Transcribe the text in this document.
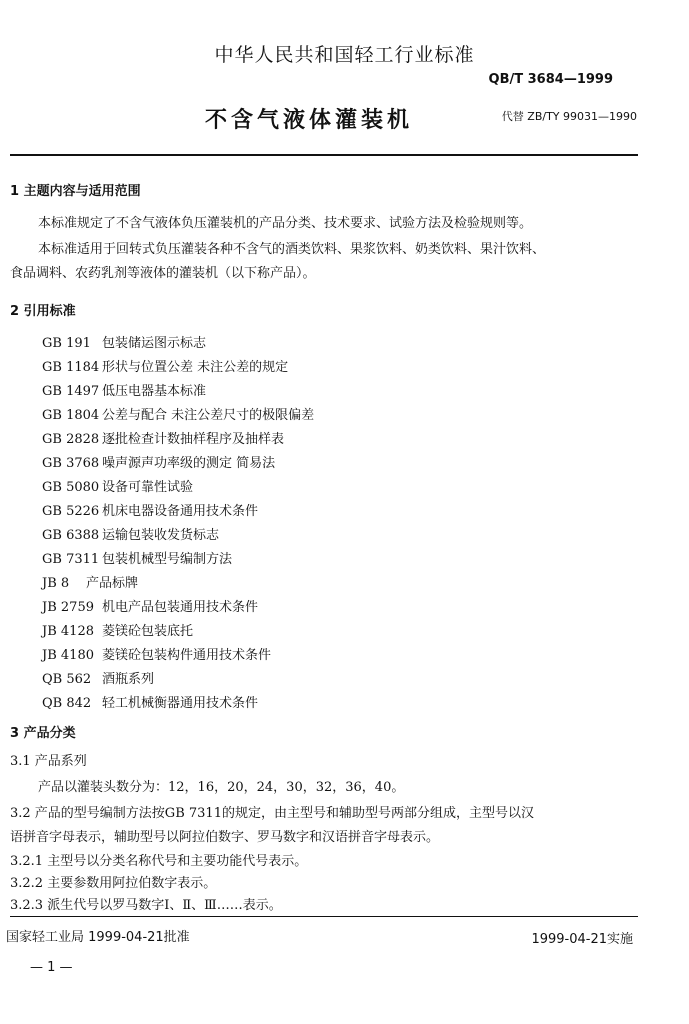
中华人民共和国轻工行业标准
QB/T 3684—1999
不含气液体灌装机	代替 ZB/TY 99031—1990
1 主题内容与适用范围
本标准规定了不含气液体负压灌装机的产品分类、技术要求、试验方法及检验规则等。
本标准适用于回转式负压灌装各种不含气的酒类饮料、果浆饮料、奶类饮料、果汁饮料、
食品调料、农药乳剂等液体的灌装机（以下称产品）。
2 引用标准
GB 191 包装储运图示标志
GB 1184 形状与位置公差 未注公差的规定
GB 1497 低压电器基本标准
GB 1804 公差与配合 未注公差尺寸的极限偏差
GB 2828 逐批检查计数抽样程序及抽样表
GB 3768 噪声源声功率级的测定 简易法
GB 5080 设备可靠性试验
GB 5226 机床电器设备通用技术条件
GB 6388 运输包装收发货标志
GB 7311 包装机械型号编制方法
JB 8 产品标牌
JB 2759 机电产品包装通用技术条件
JB 4128 菱镁砼包装底托
JB 4180 菱镁砼包装构件通用技术条件
QB 562 酒瓶系列
QB 842 轻工机械衡器通用技术条件
3 产品分类
3.1 产品系列
产品以灌装头数分为：12，16，20，24，30，32，36，40。
3.2 产品的型号编制方法按GB 7311的规定，由主型号和辅助型号两部分组成，主型号以汉
语拼音字母表示，辅助型号以阿拉伯数字、罗马数字和汉语拼音字母表示。
3.2.1 主型号以分类名称代号和主要功能代号表示。
3.2.2 主要参数用阿拉伯数字表示。
3.2.3 派生代号以罗马数字Ⅰ、Ⅱ、Ⅲ……表示。
国家轻工业局 1999-04-21批准	1999-04-21实施
— 1 —
